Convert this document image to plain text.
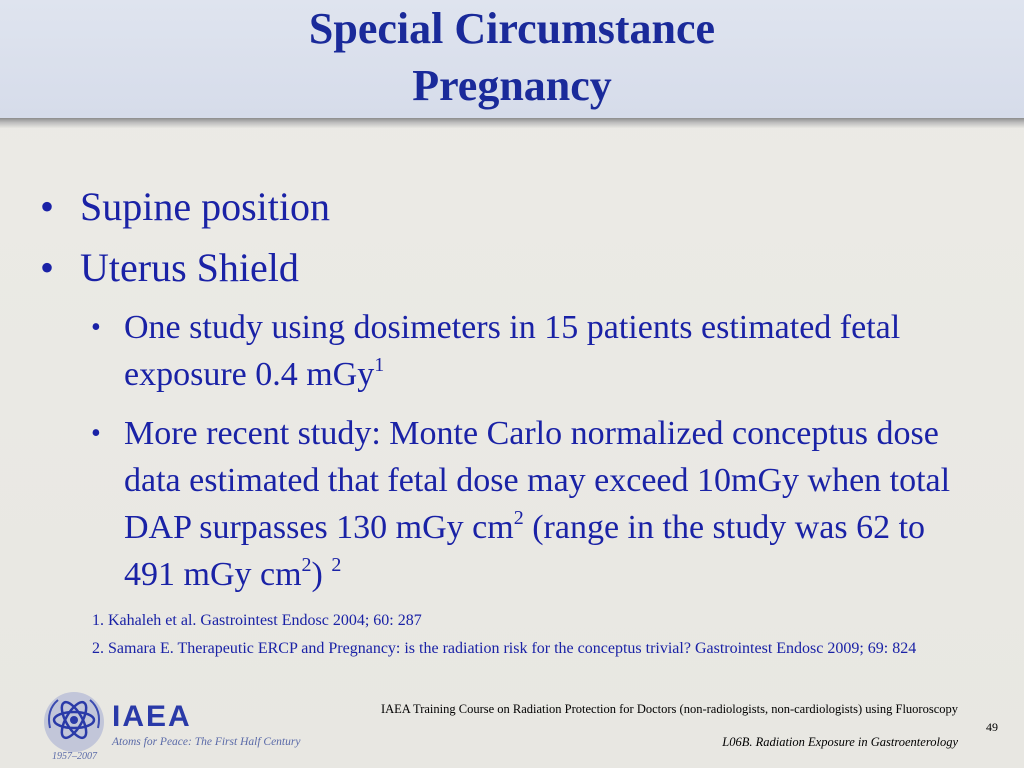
Special Circumstance
Pregnancy
• Supine position
• Uterus Shield
• One study using dosimeters in 15 patients estimated fetal exposure 0.4 mGy$^1$
• More recent study: Monte Carlo normalized conceptus dose data estimated that fetal dose may exceed 10mGy when total DAP surpasses 130 mGy $cm^2$ (range in the study was 62 to 491 mGy $cm^2$) $^2$
1. Kahaleh et al. Gastrointest Endosc 2004; 60: 287
2. Samara E. Therapeutic ERCP and Pregnancy: is the radiation risk for the conceptus trivial? Gastrointest Endosc 2009; 69: 824
IAEA
Atoms for Peace: The First Half Century
1957–2007
IAEA Training Course on Radiation Protection for Doctors (non-radiologists, non-cardiologists) using Fluoroscopy
49
L06B. Radiation Exposure in Gastroenterology
